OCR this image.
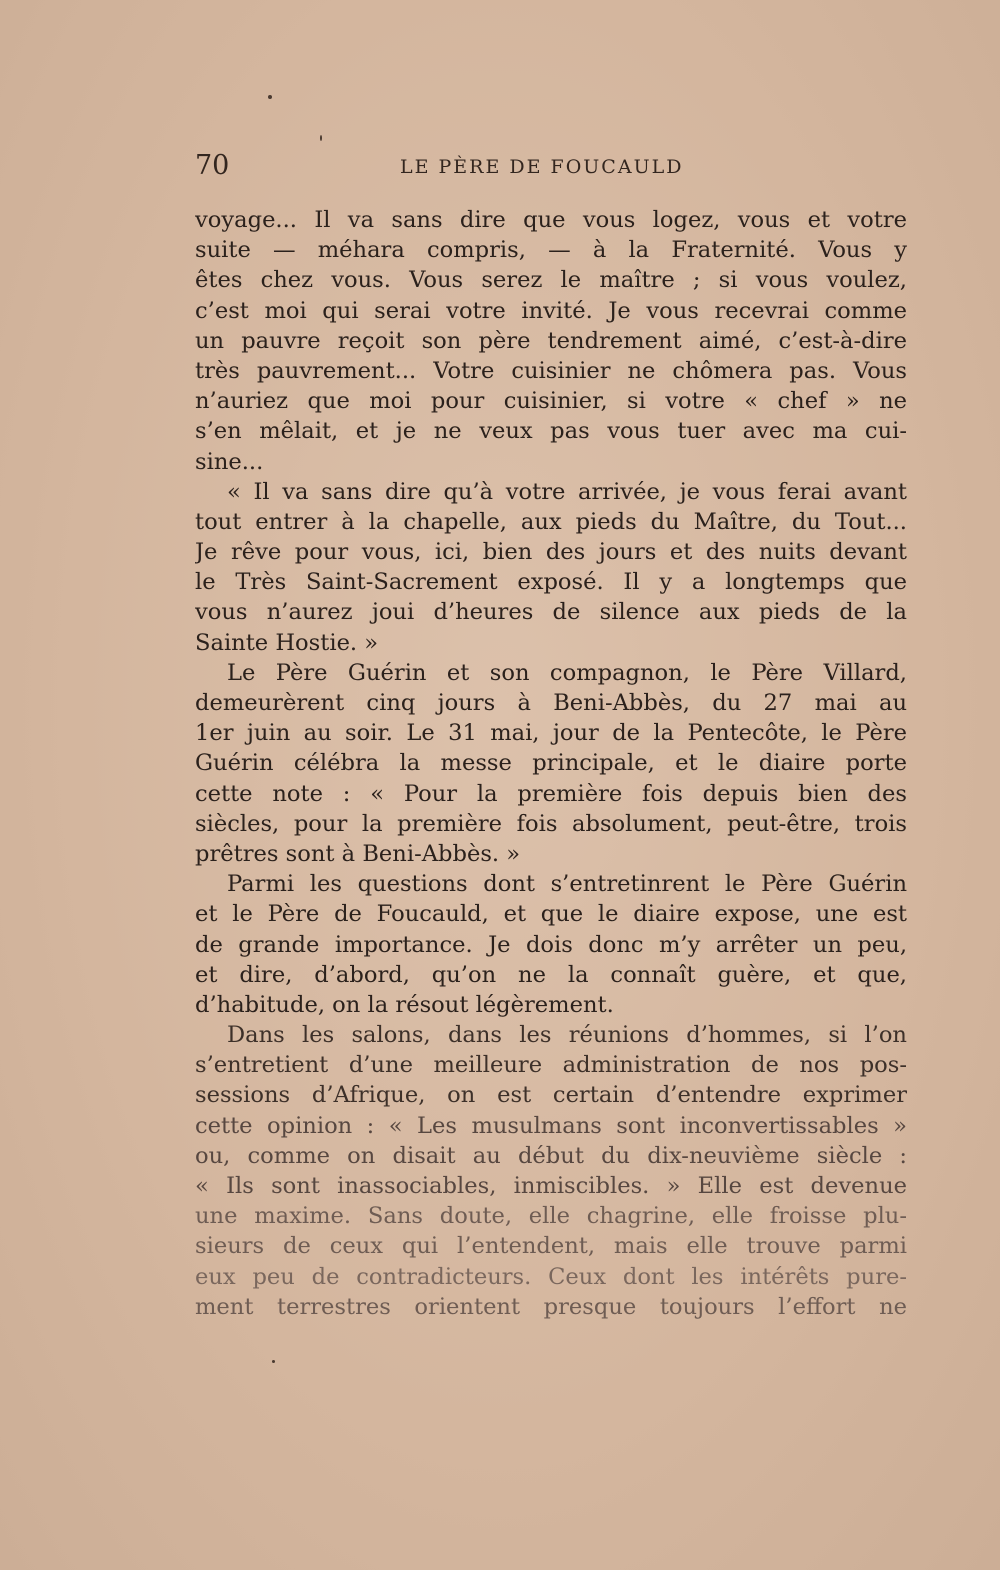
70	LE PÈRE DE FOUCAULD
voyage... Il va sans dire que vous logez, vous et votre
suite — méhara compris, — à la Fraternité. Vous y
êtes chez vous. Vous serez le maître ; si vous voulez,
c’est moi qui serai votre invité. Je vous recevrai comme
un pauvre reçoit son père tendrement aimé, c’est-à-dire
très pauvrement... Votre cuisinier ne chômera pas. Vous
n’auriez que moi pour cuisinier, si votre « chef » ne
s’en mêlait, et je ne veux pas vous tuer avec ma cui-
sine...
« Il va sans dire qu’à votre arrivée, je vous ferai avant
tout entrer à la chapelle, aux pieds du Maître, du Tout...
Je rêve pour vous, ici, bien des jours et des nuits devant
le Très Saint-Sacrement exposé. Il y a longtemps que
vous n’aurez joui d’heures de silence aux pieds de la
Sainte Hostie. »
Le Père Guérin et son compagnon, le Père Villard,
demeurèrent cinq jours à Beni-Abbès, du 27 mai au
1er juin au soir. Le 31 mai, jour de la Pentecôte, le Père
Guérin célébra la messe principale, et le diaire porte
cette note : « Pour la première fois depuis bien des
siècles, pour la première fois absolument, peut-être, trois
prêtres sont à Beni-Abbès. »
Parmi les questions dont s’entretinrent le Père Guérin
et le Père de Foucauld, et que le diaire expose, une est
de grande importance. Je dois donc m’y arrêter un peu,
et dire, d’abord, qu’on ne la connaît guère, et que,
d’habitude, on la résout légèrement.
Dans les salons, dans les réunions d’hommes, si l’on
s’entretient d’une meilleure administration de nos pos-
sessions d’Afrique, on est certain d’entendre exprimer
cette opinion : « Les musulmans sont inconvertissables »
ou, comme on disait au début du dix-neuvième siècle :
« Ils sont inassociables, inmiscibles. » Elle est devenue
une maxime. Sans doute, elle chagrine, elle froisse plu-
sieurs de ceux qui l’entendent, mais elle trouve parmi
eux peu de contradicteurs. Ceux dont les intérêts pure-
ment terrestres orientent presque toujours l’effort ne
